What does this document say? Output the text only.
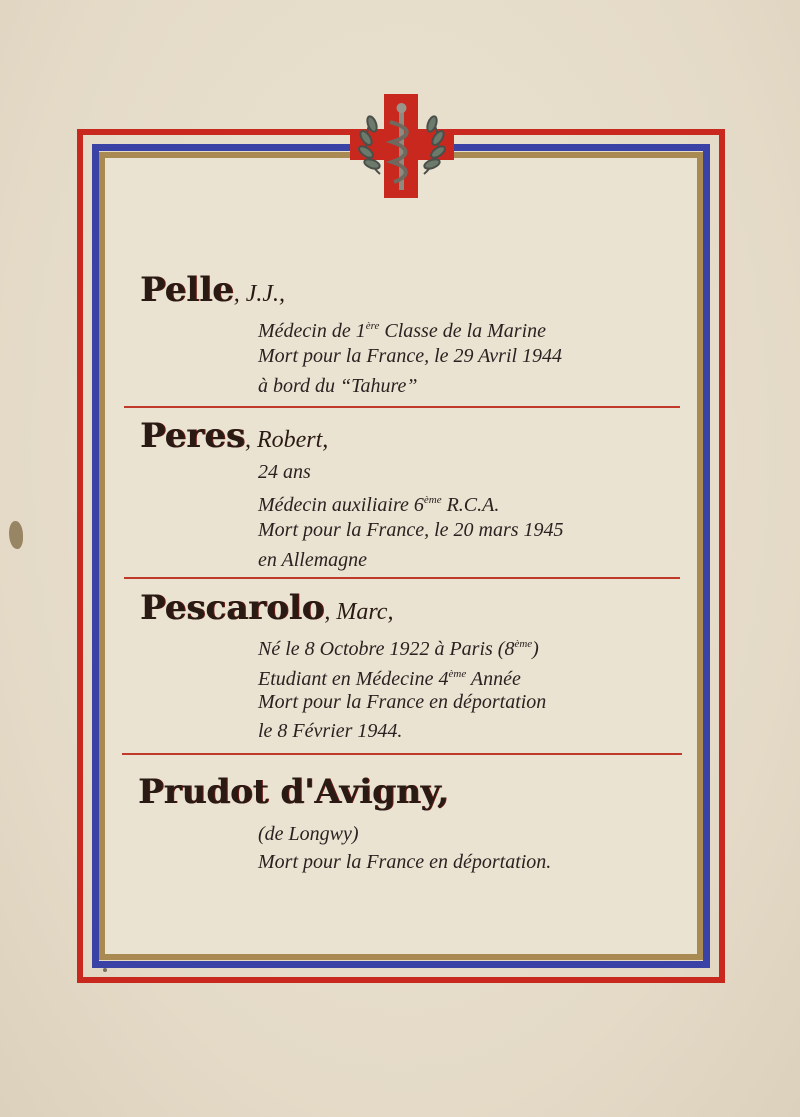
Pelle, J.J.,

Médecin de 1ère Classe de la Marine

Mort pour la France, le 29 Avril 1944

à bord du “Tahure”

Peres, Robert,

24 ans

Médecin auxiliaire 6ème R.C.A.

Mort pour la France, le 20 mars 1945

en Allemagne

Pescarolo, Marc,

Né le 8 Octobre 1922 à Paris (8ème)

Etudiant en Médecine 4ème Année

Mort pour la France en déportation

le 8 Février 1944.

Prudot d'Avigny,

(de Longwy)

Mort pour la France en déportation.
